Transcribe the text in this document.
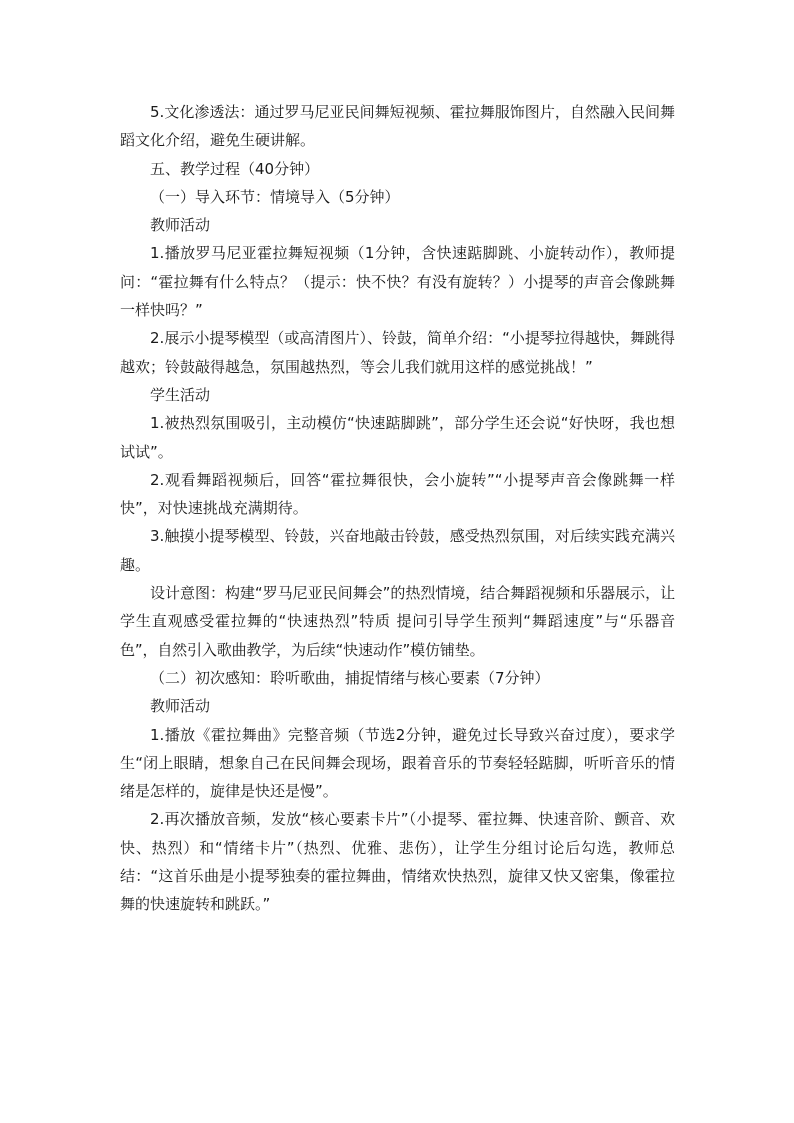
5.文化渗透法：通过罗马尼亚民间舞短视频、霍拉舞服饰图片，自然融入民间舞蹈文化介绍，避免生硬讲解。

五、教学过程（40分钟）

（一）导入环节：情境导入（5分钟）

教师活动

1.播放罗马尼亚霍拉舞短视频（1分钟，含快速踮脚跳、小旋转动作），教师提问：“霍拉舞有什么特点？（提示：快不快？有没有旋转？）小提琴的声音会像跳舞一样快吗？”

2.展示小提琴模型（或高清图片）、铃鼓，简单介绍：“小提琴拉得越快，舞跳得越欢；铃鼓敲得越急，氛围越热烈，等会儿我们就用这样的感觉挑战！”

学生活动

1.被热烈氛围吸引，主动模仿“快速踮脚跳”，部分学生还会说“好快呀，我也想试试”。

2.观看舞蹈视频后，回答“霍拉舞很快，会小旋转”“小提琴声音会像跳舞一样快”，对快速挑战充满期待。

3.触摸小提琴模型、铃鼓，兴奋地敲击铃鼓，感受热烈氛围，对后续实践充满兴趣。

设计意图：构建“罗马尼亚民间舞会”的热烈情境，结合舞蹈视频和乐器展示，让学生直观感受霍拉舞的“快速热烈”特质 提问引导学生预判“舞蹈速度”与“乐器音色”，自然引入歌曲教学，为后续“快速动作”模仿铺垫。

（二）初次感知：聆听歌曲，捕捉情绪与核心要素（7分钟）

教师活动

1.播放《霍拉舞曲》完整音频（节选2分钟，避免过长导致兴奋过度），要求学生“闭上眼睛，想象自己在民间舞会现场，跟着音乐的节奏轻轻踮脚，听听音乐的情绪是怎样的，旋律是快还是慢”。

2.再次播放音频，发放“核心要素卡片”（小提琴、霍拉舞、快速音阶、颤音、欢快、热烈）和“情绪卡片”（热烈、优雅、悲伤），让学生分组讨论后勾选，教师总结：“这首乐曲是小提琴独奏的霍拉舞曲，情绪欢快热烈，旋律又快又密集，像霍拉舞的快速旋转和跳跃。”
